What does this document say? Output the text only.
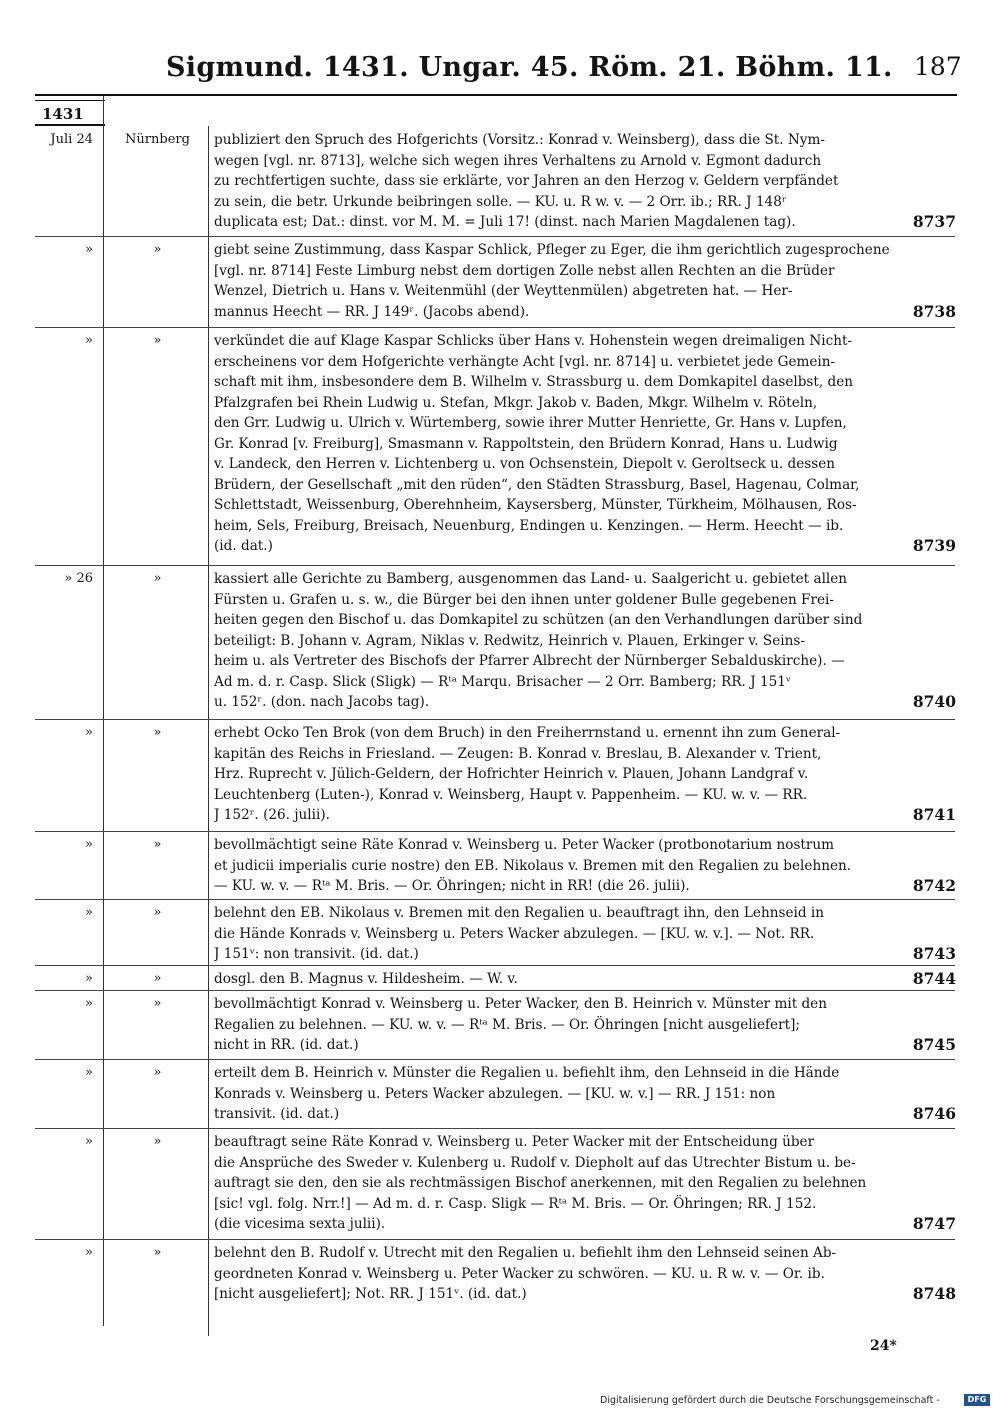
Sigmund. 1431. Ungar. 45. Röm. 21. Böhm. 11. 187
1431
Juli 24	Nürnberg	publiziert den Spruch des Hofgerichts (Vorsitz.: Konrad v. Weinsberg), dass die St. Nym-
wegen [vgl. nr. 8713], welche sich wegen ihres Verhaltens zu Arnold v. Egmont dadurch
zu rechtfertigen suchte, dass sie erklärte, vor Jahren an den Herzog v. Geldern verpfändet
zu sein, die betr. Urkunde beibringen solle. — KU. u. R w. v. — 2 Orr. ib.; RR. J 148ʳ
duplicata est; Dat.: dinst. vor M. M. = Juli 17! (dinst. nach Marien Magdalenen tag).	8737
»	»	giebt seine Zustimmung, dass Kaspar Schlick, Pfleger zu Eger, die ihm gerichtlich zugesprochene
[vgl. nr. 8714] Feste Limburg nebst dem dortigen Zolle nebst allen Rechten an die Brüder
Wenzel, Dietrich u. Hans v. Weitenmühl (der Weyttenmülen) abgetreten hat. — Her-
mannus Heecht — RR. J 149ʳ. (Jacobs abend).	8738
»	»	verkündet die auf Klage Kaspar Schlicks über Hans v. Hohenstein wegen dreimaligen Nicht-
erscheinens vor dem Hofgerichte verhängte Acht [vgl. nr. 8714] u. verbietet jede Gemein-
schaft mit ihm, insbesondere dem B. Wilhelm v. Strassburg u. dem Domkapitel daselbst, den
Pfalzgrafen bei Rhein Ludwig u. Stefan, Mkgr. Jakob v. Baden, Mkgr. Wilhelm v. Röteln,
den Grr. Ludwig u. Ulrich v. Würtemberg, sowie ihrer Mutter Henriette, Gr. Hans v. Lupfen,
Gr. Konrad [v. Freiburg], Smasmann v. Rappoltstein, den Brüdern Konrad, Hans u. Ludwig
v. Landeck, den Herren v. Lichtenberg u. von Ochsenstein, Diepolt v. Geroltseck u. dessen
Brüdern, der Gesellschaft „mit den rüden“, den Städten Strassburg, Basel, Hagenau, Colmar,
Schlettstadt, Weissenburg, Oberehnheim, Kaysersberg, Münster, Türkheim, Mölhausen, Ros-
heim, Sels, Freiburg, Breisach, Neuenburg, Endingen u. Kenzingen. — Herm. Heecht — ib.
(id. dat.)	8739
» 26	»	kassiert alle Gerichte zu Bamberg, ausgenommen das Land- u. Saalgericht u. gebietet allen
Fürsten u. Grafen u. s. w., die Bürger bei den ihnen unter goldener Bulle gegebenen Frei-
heiten gegen den Bischof u. das Domkapitel zu schützen (an den Verhandlungen darüber sind
beteiligt: B. Johann v. Agram, Niklas v. Redwitz, Heinrich v. Plauen, Erkinger v. Seins-
heim u. als Vertreter des Bischofs der Pfarrer Albrecht der Nürnberger Sebalduskirche). —
Ad m. d. r. Casp. Slick (Sligk) — Rᵗᵃ Marqu. Brisacher — 2 Orr. Bamberg; RR. J 151ᵛ
u. 152ʳ. (don. nach Jacobs tag).	8740
»	»	erhebt Ocko Ten Brok (von dem Bruch) in den Freiherrnstand u. ernennt ihn zum General-
kapitän des Reichs in Friesland. — Zeugen: B. Konrad v. Breslau, B. Alexander v. Trient,
Hrz. Ruprecht v. Jülich-Geldern, der Hofrichter Heinrich v. Plauen, Johann Landgraf v.
Leuchtenberg (Luten-), Konrad v. Weinsberg, Haupt v. Pappenheim. — KU. w. v. — RR.
J 152ʳ. (26. julii).	8741
»	»	bevollmächtigt seine Räte Konrad v. Weinsberg u. Peter Wacker (protbonotarium nostrum
et judicii imperialis curie nostre) den EB. Nikolaus v. Bremen mit den Regalien zu belehnen.
— KU. w. v. — Rᵗᵃ M. Bris. — Or. Öhringen; nicht in RR! (die 26. julii).	8742
»	»	belehnt den EB. Nikolaus v. Bremen mit den Regalien u. beauftragt ihn, den Lehnseid in
die Hände Konrads v. Weinsberg u. Peters Wacker abzulegen. — [KU. w. v.]. — Not. RR.
J 151ᵛ: non transivit. (id. dat.)	8743
»	»	dosgl. den B. Magnus v. Hildesheim. — W. v.	8744
»	»	bevollmächtigt Konrad v. Weinsberg u. Peter Wacker, den B. Heinrich v. Münster mit den
Regalien zu belehnen. — KU. w. v. — Rᵗᵃ M. Bris. — Or. Öhringen [nicht ausgeliefert];
nicht in RR. (id. dat.)	8745
»	»	erteilt dem B. Heinrich v. Münster die Regalien u. befiehlt ihm, den Lehnseid in die Hände
Konrads v. Weinsberg u. Peters Wacker abzulegen. — [KU. w. v.] — RR. J 151: non
transivit. (id. dat.)	8746
»	»	beauftragt seine Räte Konrad v. Weinsberg u. Peter Wacker mit der Entscheidung über
die Ansprüche des Sweder v. Kulenberg u. Rudolf v. Diepholt auf das Utrechter Bistum u. be-
auftragt sie den, den sie als rechtmässigen Bischof anerkennen, mit den Regalien zu belehnen
[sic! vgl. folg. Nrr.!] — Ad m. d. r. Casp. Sligk — Rᵗᵃ M. Bris. — Or. Öhringen; RR. J 152.
(die vicesima sexta julii).	8747
»	»	belehnt den B. Rudolf v. Utrecht mit den Regalien u. befiehlt ihm den Lehnseid seinen Ab-
geordneten Konrad v. Weinsberg u. Peter Wacker zu schwören. — KU. u. R w. v. — Or. ib.
[nicht ausgeliefert]; Not. RR. J 151ᵛ. (id. dat.)	8748
24*
Digitalisierung gefördert durch die Deutsche Forschungsgemeinschaft -	DFG
